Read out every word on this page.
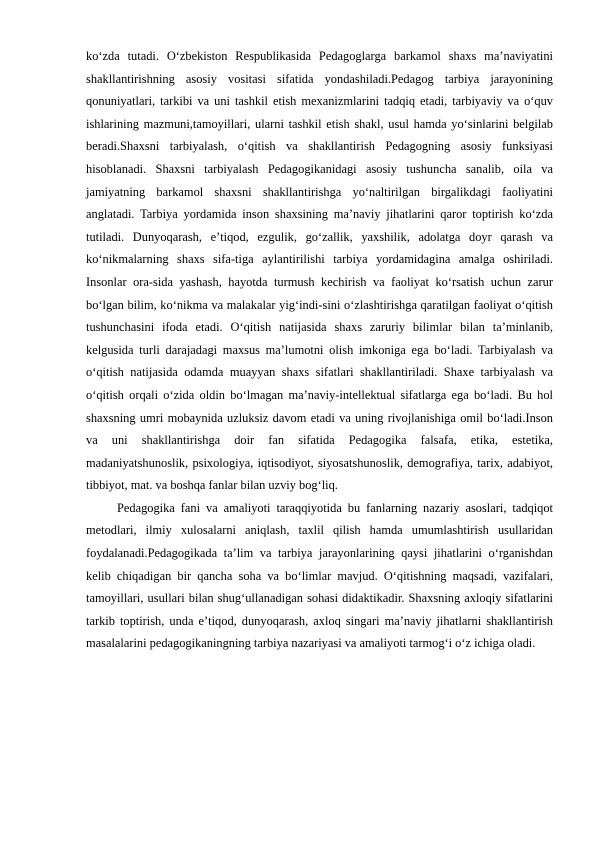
koʻzda tutadi. Oʻzbekiston Respublikasida Pedagoglarga barkamol shaxs maʼnaviyatini shakllantirishning asosiy vositasi sifatida yondashiladi.Pedagog tarbiya jarayonining qonuniyatlari, tarkibi va uni tashkil etish mexanizmlarini tadqiq etadi, tarbiyaviy va oʻquv ishlarining mazmuni,tamoyillari, ularni tashkil etish shakl, usul hamda yoʻsinlarini belgilab beradi.Shaxsni tarbiyalash, oʻqitish va shakllantirish Pedagogning asosiy funksiyasi hisoblanadi. Shaxsni tarbiyalash Pedagogikanidagi asosiy tushuncha sanalib, oila va jamiyatning barkamol shaxsni shakllantirishga yoʻnaltirilgan birgalikdagi faoliyatini anglatadi. Tarbiya yordamida inson shaxsining maʼnaviy jihatlarini qaror toptirish koʻzda tutiladi. Dunyoqarash, eʼtiqod, ezgulik, goʻzallik, yaxshilik, adolatga doyr qarash va koʻnikmalarning shaxs sifa-tiga aylantirilishi tarbiya yordamidagina amalga oshiriladi. Insonlar ora-sida yashash, hayotda turmush kechirish va faoliyat koʻrsatish uchun zarur boʻlgan bilim, koʻnikma va malakalar yigʻindi-sini oʻzlashtirishga qaratilgan faoliyat oʻqitish tushunchasini ifoda etadi. Oʻqitish natijasida shaxs zaruriy bilimlar bilan taʼminlanib, kelgusida turli darajadagi maxsus maʼlumotni olish imkoniga ega boʻladi. Tarbiyalash va oʻqitish natijasida odamda muayyan shaxs sifatlari shakllantiriladi. Shaxe tarbiyalash va oʻqitish orqali oʻzida oldin boʻlmagan maʼnaviy-intellektual sifatlarga ega boʻladi. Bu hol shaxsning umri mobaynida uzluksiz davom etadi va uning rivojlanishiga omil boʻladi.Inson va uni shakllantirishga doir fan sifatida Pedagogika falsafa, etika, estetika, madaniyatshunoslik, psixologiya, iqtisodiyot, siyosatshunoslik, demografiya, tarix, adabiyot, tibbiyot, mat. va boshqa fanlar bilan uzviy bogʻliq.

Pedagogika fani va amaliyoti taraqqiyotida bu fanlarning nazariy asoslari, tadqiqot metodlari, ilmiy xulosalarni aniqlash, taxlil qilish hamda umumlashtirish usullaridan foydalanadi.Pedagogikada taʼlim va tarbiya jarayonlarining qaysi jihatlarini oʻrganishdan kelib chiqadigan bir qancha soha va boʻlimlar mavjud. Oʻqitishning maqsadi, vazifalari, tamoyillari, usullari bilan shugʻullanadigan sohasi didaktikadir. Shaxsning axloqiy sifatlarini tarkib toptirish, unda eʼtiqod, dunyoqarash, axloq singari maʼnaviy jihatlarni shakllantirish masalalarini pedagogikaningning tarbiya nazariyasi va amaliyoti tarmogʻi oʻz ichiga oladi.
